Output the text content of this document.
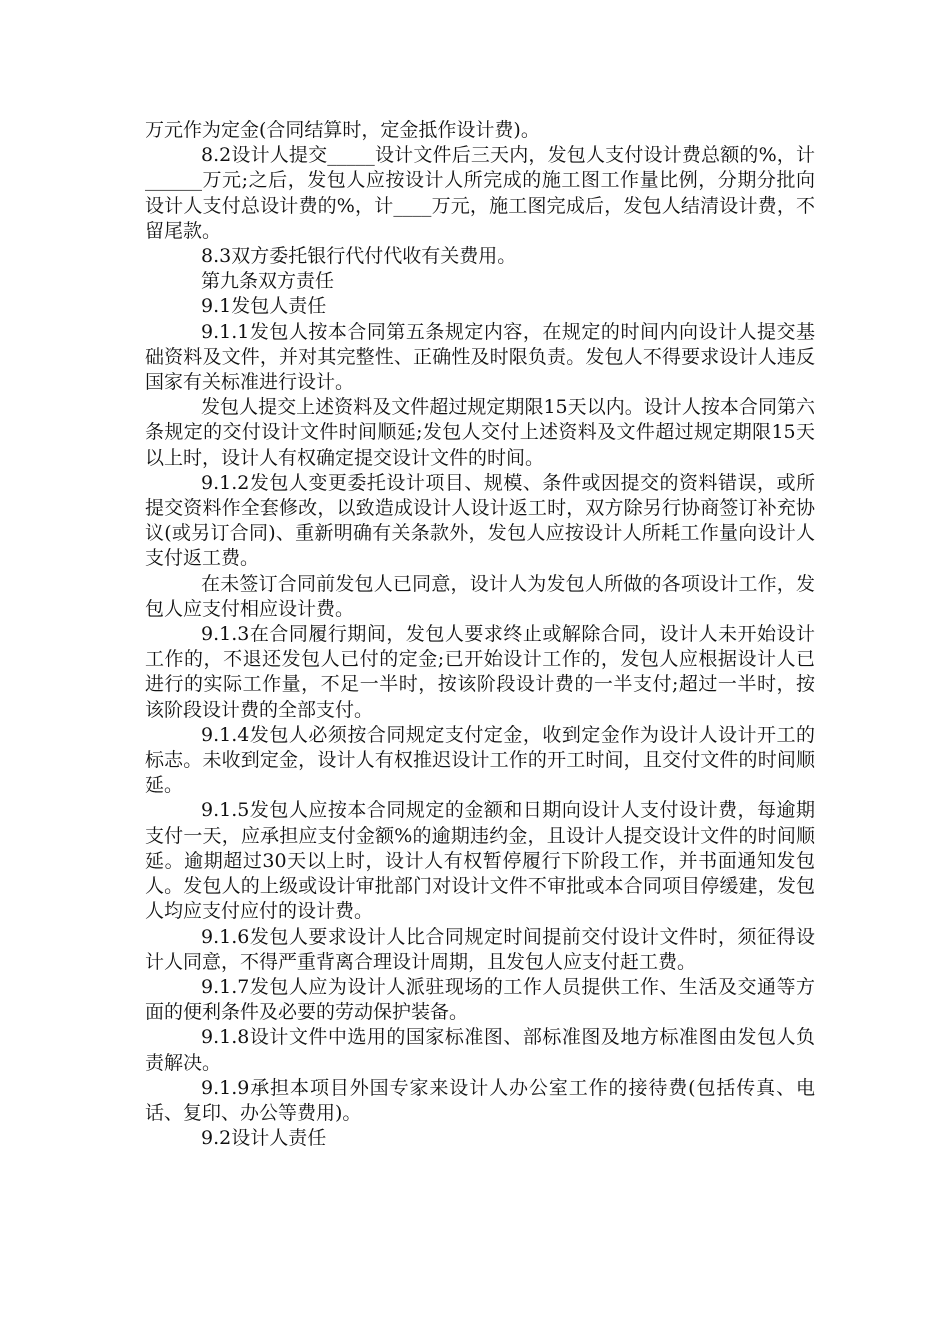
万元作为定金(合同结算时，定金抵作设计费)。

8.2设计人提交_____设计文件后三天内，发包人支付设计费总额的%，计______万元;之后，发包人应按设计人所完成的施工图工作量比例，分期分批向设计人支付总设计费的%，计____万元，施工图完成后，发包人结清设计费，不留尾款。

8.3双方委托银行代付代收有关费用。

第九条双方责任

9.1发包人责任

9.1.1发包人按本合同第五条规定内容，在规定的时间内向设计人提交基础资料及文件，并对其完整性、正确性及时限负责。发包人不得要求设计人违反国家有关标准进行设计。

发包人提交上述资料及文件超过规定期限15天以内。设计人按本合同第六条规定的交付设计文件时间顺延;发包人交付上述资料及文件超过规定期限15天以上时，设计人有权确定提交设计文件的时间。

9.1.2发包人变更委托设计项目、规模、条件或因提交的资料错误，或所提交资料作全套修改，以致造成设计人设计返工时，双方除另行协商签订补充协议(或另订合同)、重新明确有关条款外，发包人应按设计人所耗工作量向设计人支付返工费。

在未签订合同前发包人已同意，设计人为发包人所做的各项设计工作，发包人应支付相应设计费。

9.1.3在合同履行期间，发包人要求终止或解除合同，设计人未开始设计工作的，不退还发包人已付的定金;已开始设计工作的，发包人应根据设计人已进行的实际工作量，不足一半时，按该阶段设计费的一半支付;超过一半时，按该阶段设计费的全部支付。

9.1.4发包人必须按合同规定支付定金，收到定金作为设计人设计开工的标志。未收到定金，设计人有权推迟设计工作的开工时间，且交付文件的时间顺延。

9.1.5发包人应按本合同规定的金额和日期向设计人支付设计费，每逾期支付一天，应承担应支付金额%的逾期违约金，且设计人提交设计文件的时间顺延。逾期超过30天以上时，设计人有权暂停履行下阶段工作，并书面通知发包人。发包人的上级或设计审批部门对设计文件不审批或本合同项目停缓建，发包人均应支付应付的设计费。

9.1.6发包人要求设计人比合同规定时间提前交付设计文件时，须征得设计人同意，不得严重背离合理设计周期，且发包人应支付赶工费。

9.1.7发包人应为设计人派驻现场的工作人员提供工作、生活及交通等方面的便利条件及必要的劳动保护装备。

9.1.8设计文件中选用的国家标准图、部标准图及地方标准图由发包人负责解决。

9.1.9承担本项目外国专家来设计人办公室工作的接待费(包括传真、电话、复印、办公等费用)。

9.2设计人责任
